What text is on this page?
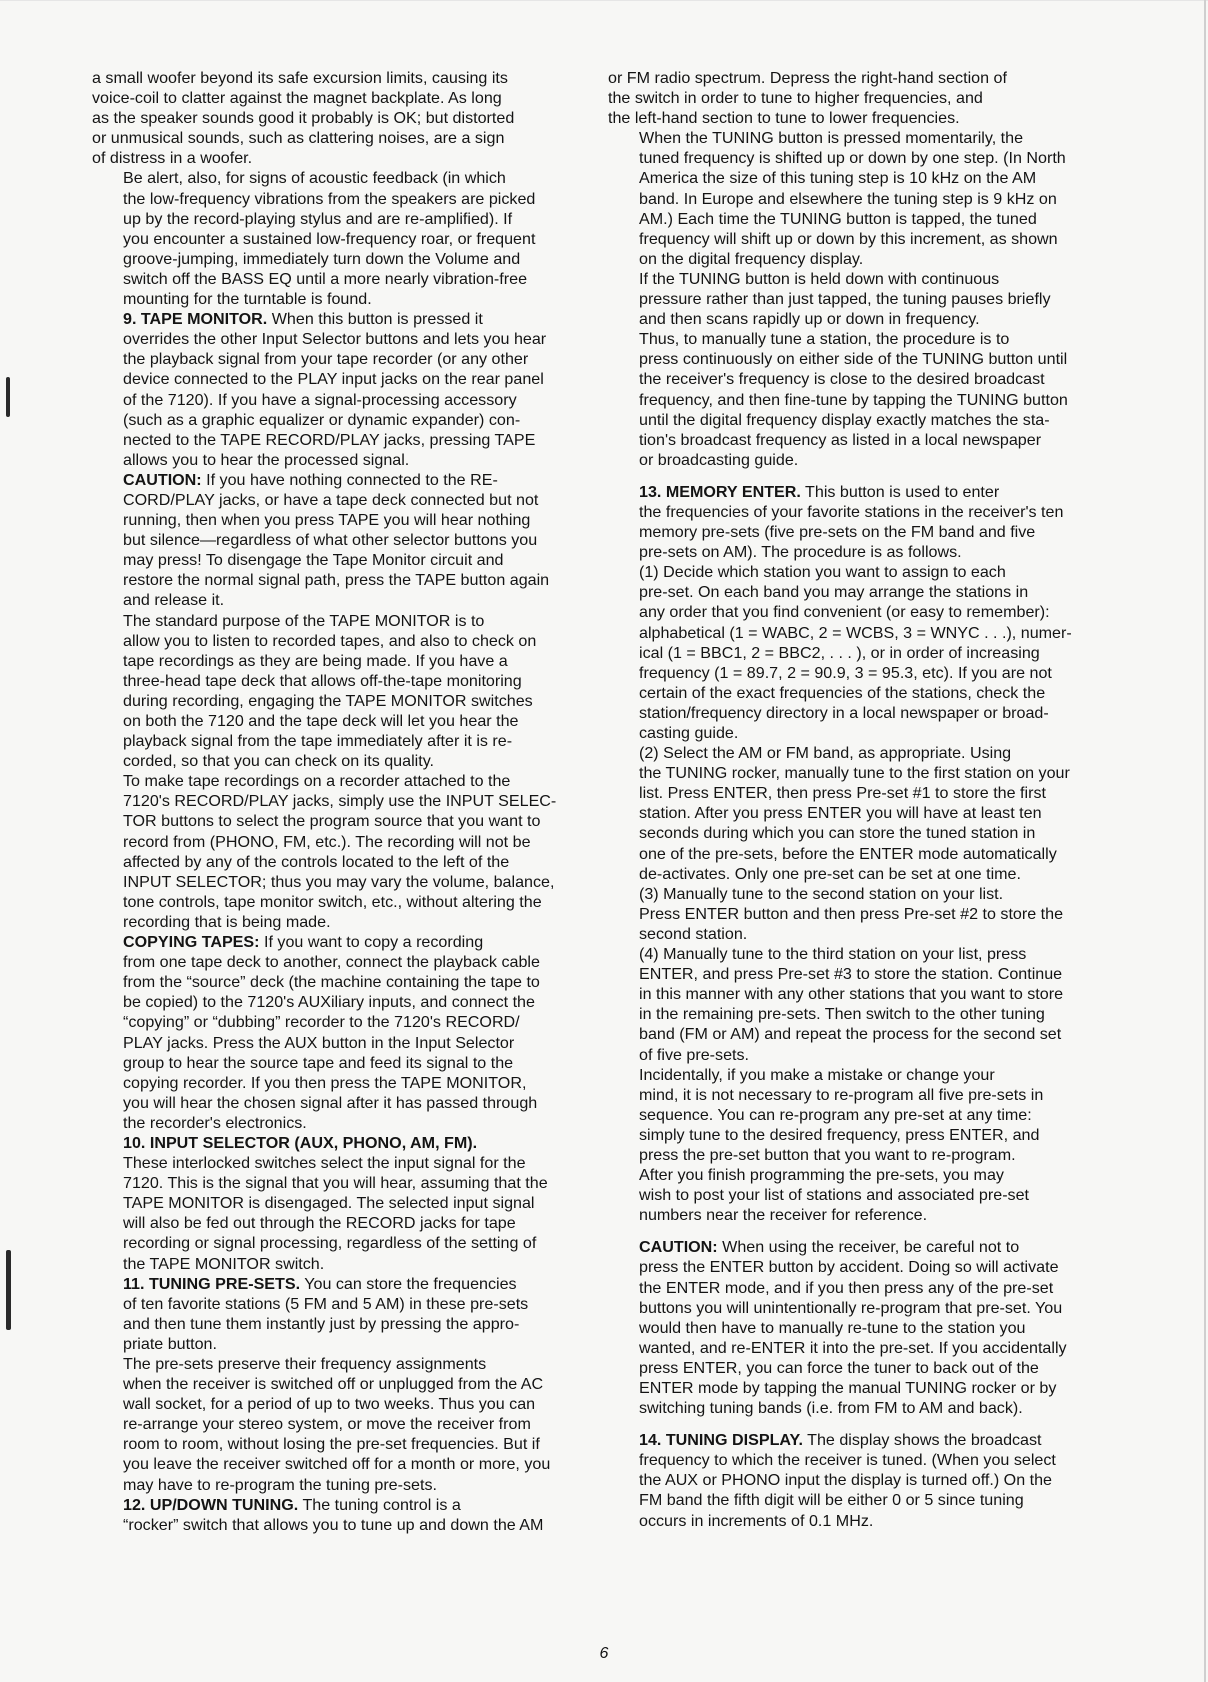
a small woofer beyond its safe excursion limits, causing its
voice-coil to clatter against the magnet backplate. As long
as the speaker sounds good it probably is OK; but distorted
or unmusical sounds, such as clattering noises, are a sign
of distress in a woofer.

Be alert, also, for signs of acoustic feedback (in which
the low-frequency vibrations from the speakers are picked
up by the record-playing stylus and are re-amplified). If
you encounter a sustained low-frequency roar, or frequent
groove-jumping, immediately turn down the Volume and
switch off the BASS EQ until a more nearly vibration-free
mounting for the turntable is found.

9. TAPE MONITOR. When this button is pressed it
overrides the other Input Selector buttons and lets you hear
the playback signal from your tape recorder (or any other
device connected to the PLAY input jacks on the rear panel
of the 7120). If you have a signal-processing accessory
(such as a graphic equalizer or dynamic expander) con-
nected to the TAPE RECORD/PLAY jacks, pressing TAPE
allows you to hear the processed signal.

CAUTION: If you have nothing connected to the RE-
CORD/PLAY jacks, or have a tape deck connected but not
running, then when you press TAPE you will hear nothing
but silence—regardless of what other selector buttons you
may press! To disengage the Tape Monitor circuit and
restore the normal signal path, press the TAPE button again
and release it.

The standard purpose of the TAPE MONITOR is to
allow you to listen to recorded tapes, and also to check on
tape recordings as they are being made. If you have a
three-head tape deck that allows off-the-tape monitoring
during recording, engaging the TAPE MONITOR switches
on both the 7120 and the tape deck will let you hear the
playback signal from the tape immediately after it is re-
corded, so that you can check on its quality.

To make tape recordings on a recorder attached to the
7120's RECORD/PLAY jacks, simply use the INPUT SELEC-
TOR buttons to select the program source that you want to
record from (PHONO, FM, etc.). The recording will not be
affected by any of the controls located to the left of the
INPUT SELECTOR; thus you may vary the volume, balance,
tone controls, tape monitor switch, etc., without altering the
recording that is being made.

COPYING TAPES: If you want to copy a recording
from one tape deck to another, connect the playback cable
from the “source” deck (the machine containing the tape to
be copied) to the 7120's AUXiliary inputs, and connect the
“copying” or “dubbing” recorder to the 7120's RECORD/
PLAY jacks. Press the AUX button in the Input Selector
group to hear the source tape and feed its signal to the
copying recorder. If you then press the TAPE MONITOR,
you will hear the chosen signal after it has passed through
the recorder's electronics.

10. INPUT SELECTOR (AUX, PHONO, AM, FM).
These interlocked switches select the input signal for the
7120. This is the signal that you will hear, assuming that the
TAPE MONITOR is disengaged. The selected input signal
will also be fed out through the RECORD jacks for tape
recording or signal processing, regardless of the setting of
the TAPE MONITOR switch.

11. TUNING PRE-SETS. You can store the frequencies
of ten favorite stations (5 FM and 5 AM) in these pre-sets
and then tune them instantly just by pressing the appro-
priate button.

The pre-sets preserve their frequency assignments
when the receiver is switched off or unplugged from the AC
wall socket, for a period of up to two weeks. Thus you can
re-arrange your stereo system, or move the receiver from
room to room, without losing the pre-set frequencies. But if
you leave the receiver switched off for a month or more, you
may have to re-program the tuning pre-sets.

12. UP/DOWN TUNING. The tuning control is a
“rocker” switch that allows you to tune up and down the AM

or FM radio spectrum. Depress the right-hand section of
the switch in order to tune to higher frequencies, and
the left-hand section to tune to lower frequencies.

When the TUNING button is pressed momentarily, the
tuned frequency is shifted up or down by one step. (In North
America the size of this tuning step is 10 kHz on the AM
band. In Europe and elsewhere the tuning step is 9 kHz on
AM.) Each time the TUNING button is tapped, the tuned
frequency will shift up or down by this increment, as shown
on the digital frequency display.

If the TUNING button is held down with continuous
pressure rather than just tapped, the tuning pauses briefly
and then scans rapidly up or down in frequency.

Thus, to manually tune a station, the procedure is to
press continuously on either side of the TUNING button until
the receiver's frequency is close to the desired broadcast
frequency, and then fine-tune by tapping the TUNING button
until the digital frequency display exactly matches the sta-
tion's broadcast frequency as listed in a local newspaper
or broadcasting guide.

13. MEMORY ENTER. This button is used to enter
the frequencies of your favorite stations in the receiver's ten
memory pre-sets (five pre-sets on the FM band and five
pre-sets on AM). The procedure is as follows.

(1) Decide which station you want to assign to each
pre-set. On each band you may arrange the stations in
any order that you find convenient (or easy to remember):
alphabetical (1 = WABC, 2 = WCBS, 3 = WNYC . . .), numer-
ical (1 = BBC1, 2 = BBC2, . . . ), or in order of increasing
frequency (1 = 89.7, 2 = 90.9, 3 = 95.3, etc). If you are not
certain of the exact frequencies of the stations, check the
station/frequency directory in a local newspaper or broad-
casting guide.

(2) Select the AM or FM band, as appropriate. Using
the TUNING rocker, manually tune to the first station on your
list. Press ENTER, then press Pre-set #1 to store the first
station. After you press ENTER you will have at least ten
seconds during which you can store the tuned station in
one of the pre-sets, before the ENTER mode automatically
de-activates. Only one pre-set can be set at one time.

(3) Manually tune to the second station on your list.
Press ENTER button and then press Pre-set #2 to store the
second station.

(4) Manually tune to the third station on your list, press
ENTER, and press Pre-set #3 to store the station. Continue
in this manner with any other stations that you want to store
in the remaining pre-sets. Then switch to the other tuning
band (FM or AM) and repeat the process for the second set
of five pre-sets.

Incidentally, if you make a mistake or change your
mind, it is not necessary to re-program all five pre-sets in
sequence. You can re-program any pre-set at any time:
simply tune to the desired frequency, press ENTER, and
press the pre-set button that you want to re-program.

After you finish programming the pre-sets, you may
wish to post your list of stations and associated pre-set
numbers near the receiver for reference.

CAUTION: When using the receiver, be careful not to
press the ENTER button by accident. Doing so will activate
the ENTER mode, and if you then press any of the pre-set
buttons you will unintentionally re-program that pre-set. You
would then have to manually re-tune to the station you
wanted, and re-ENTER it into the pre-set. If you accidentally
press ENTER, you can force the tuner to back out of the
ENTER mode by tapping the manual TUNING rocker or by
switching tuning bands (i.e. from FM to AM and back).

14. TUNING DISPLAY. The display shows the broadcast
frequency to which the receiver is tuned. (When you select
the AUX or PHONO input the display is turned off.) On the
FM band the fifth digit will be either 0 or 5 since tuning
occurs in increments of 0.1 MHz.

6
